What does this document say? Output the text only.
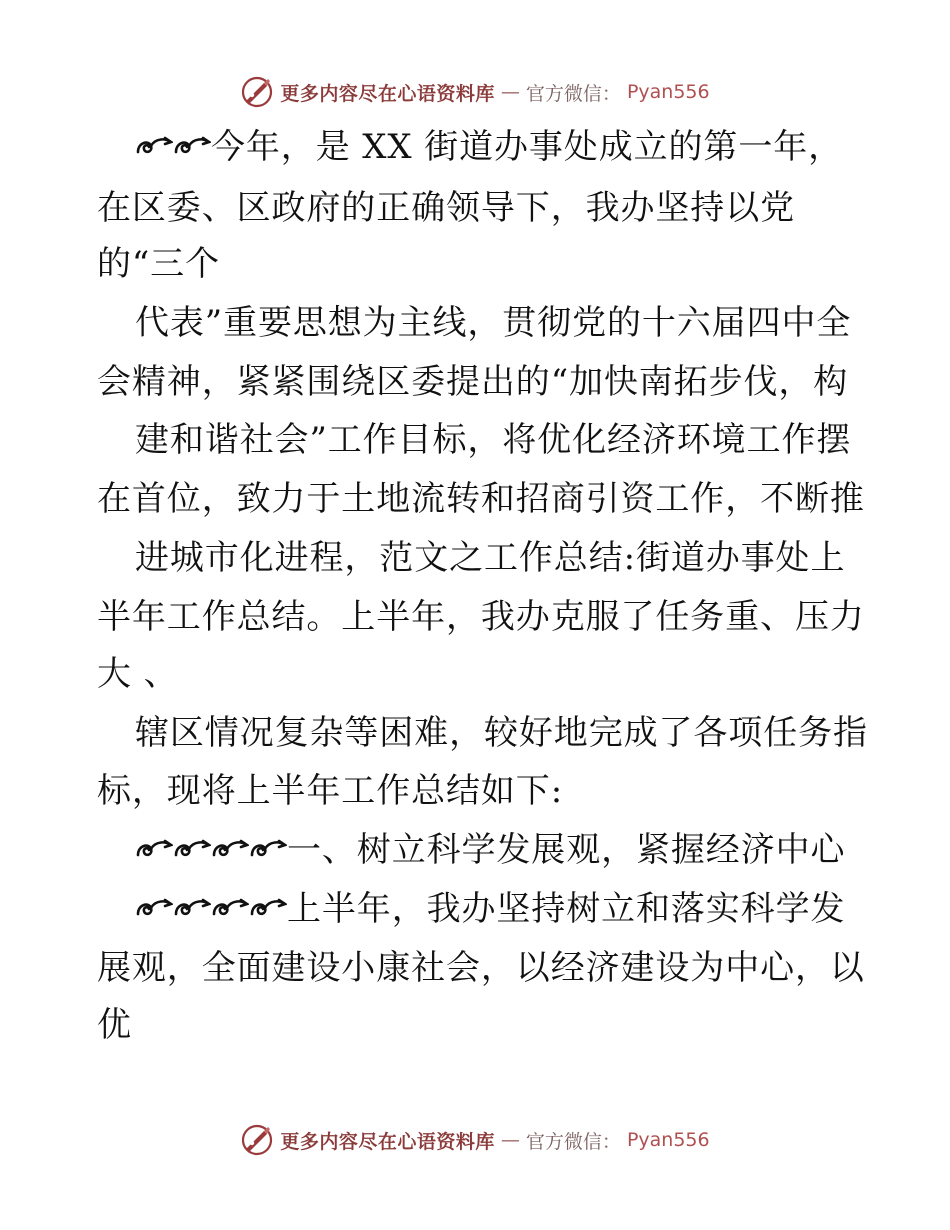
更多内容尽在心语资料库 — 官方微信： Pyan556
今年，是 XX 街道办事处成立的第一年，
在区委、区政府的正确领导下，我办坚持以党
的“三个
代表”重要思想为主线，贯彻党的十六届四中全
会精神，紧紧围绕区委提出的“加快南拓步伐，构
建和谐社会”工作目标，将优化经济环境工作摆
在首位，致力于土地流转和招商引资工作，不断推
进城市化进程，范文之工作总结:街道办事处上
半年工作总结。上半年，我办克服了任务重、压力
大 、
辖区情况复杂等困难，较好地完成了各项任务指
标，现将上半年工作总结如下:
一、树立科学发展观，紧握经济中心
上半年，我办坚持树立和落实科学发
展观，全面建设小康社会，以经济建设为中心，以
优
更多内容尽在心语资料库 — 官方微信： Pyan556
